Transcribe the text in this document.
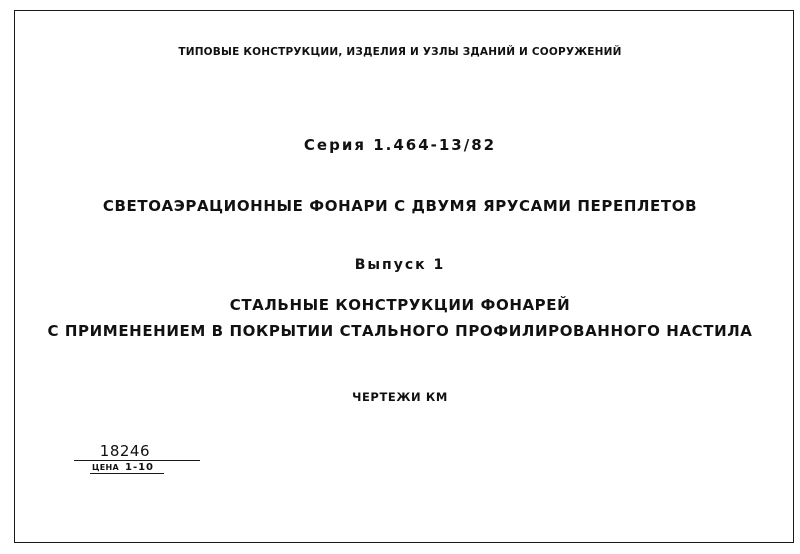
ТИПОВЫЕ КОНСТРУКЦИИ, ИЗДЕЛИЯ И УЗЛЫ ЗДАНИЙ И СООРУЖЕНИЙ
Серия 1.464-13/82
СВЕТОАЭРАЦИОННЫЕ ФОНАРИ С ДВУМЯ ЯРУСАМИ ПЕРЕПЛЕТОВ
Выпуск 1
СТАЛЬНЫЕ КОНСТРУКЦИИ ФОНАРЕЙ
С ПРИМЕНЕНИЕМ В ПОКРЫТИИ СТАЛЬНОГО ПРОФИЛИРОВАННОГО НАСТИЛА
ЧЕРТЕЖИ КМ
18246
ЦЕНА 1-10
